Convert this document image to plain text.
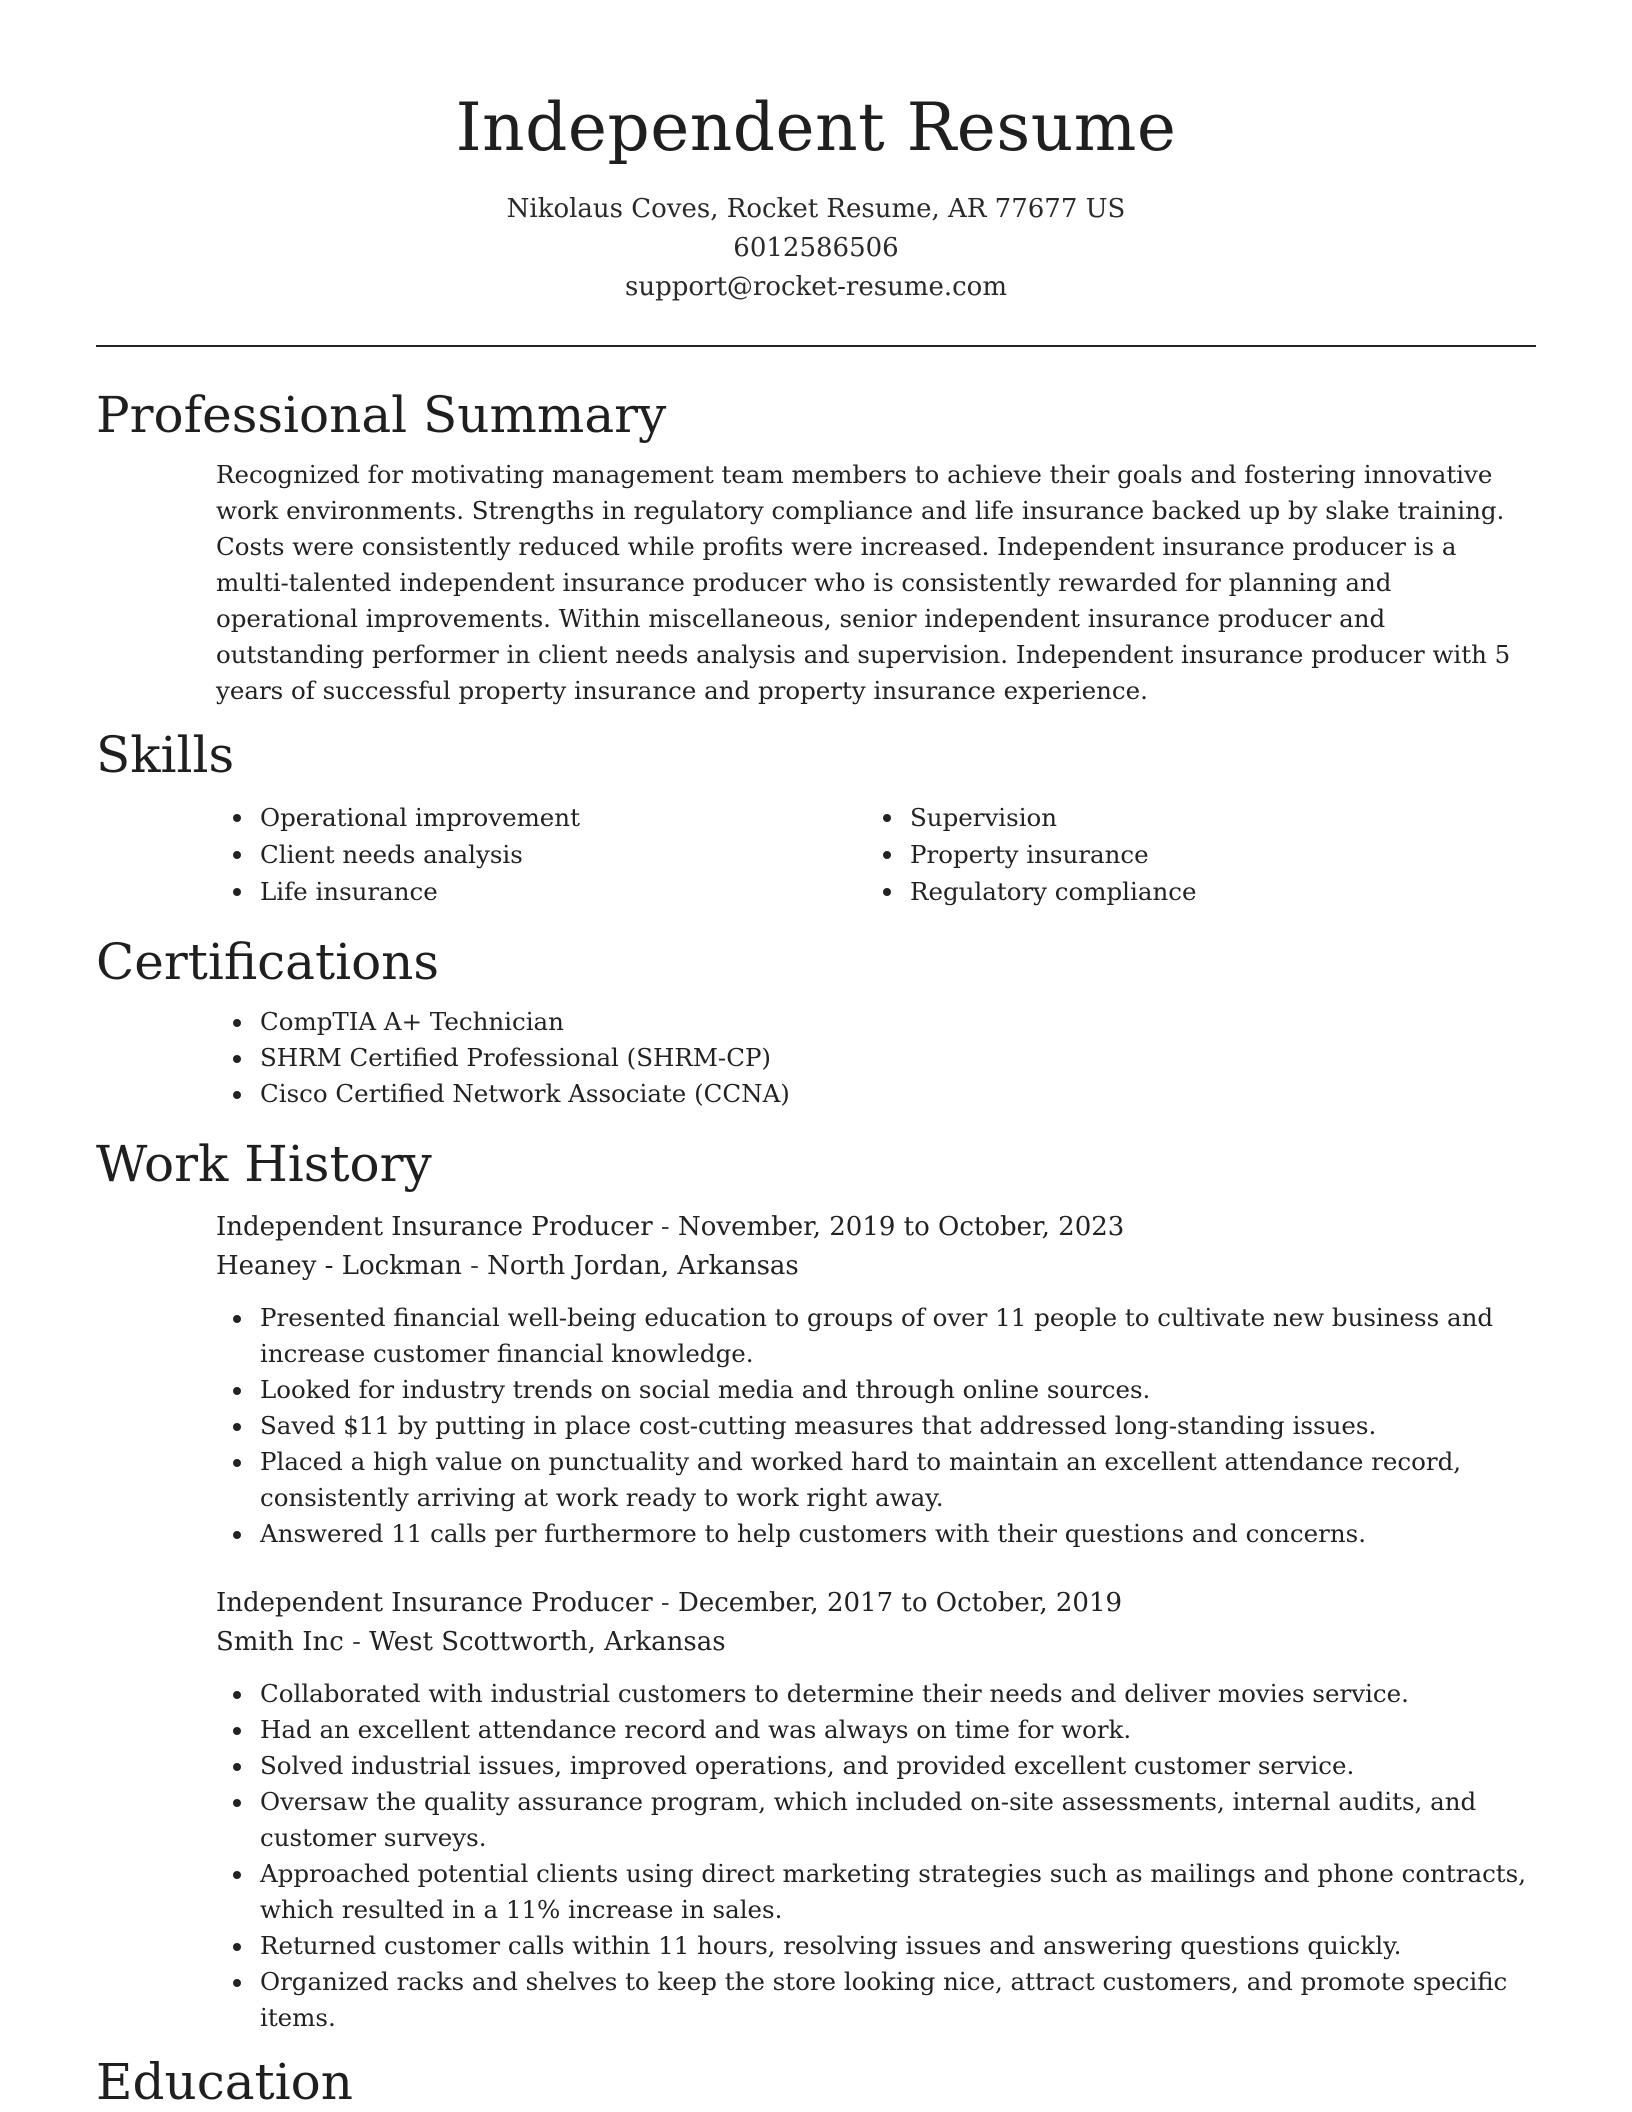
Independent Resume
Nikolaus Coves, Rocket Resume, AR 77677 US
6012586506
support@rocket-resume.com
Professional Summary

Recognized for motivating management team members to achieve their goals and fostering innovative work environments. Strengths in regulatory compliance and life insurance backed up by slake training. Costs were consistently reduced while profits were increased. Independent insurance producer is a multi-talented independent insurance producer who is consistently rewarded for planning and operational improvements. Within miscellaneous, senior independent insurance producer and outstanding performer in client needs analysis and supervision. Independent insurance producer with 5 years of successful property insurance and property insurance experience.

Skills
Operational improvement
Client needs analysis
Life insurance
Supervision
Property insurance
Regulatory compliance
Certifications
CompTIA A+ Technician
SHRM Certified Professional (SHRM-CP)
Cisco Certified Network Associate (CCNA)
Work History
Independent Insurance Producer - November, 2019 to October, 2023
Heaney - Lockman - North Jordan, Arkansas
Presented financial well-being education to groups of over 11 people to cultivate new business and increase customer financial knowledge.
Looked for industry trends on social media and through online sources.
Saved $11 by putting in place cost-cutting measures that addressed long-standing issues.
Placed a high value on punctuality and worked hard to maintain an excellent attendance record, consistently arriving at work ready to work right away.
Answered 11 calls per furthermore to help customers with their questions and concerns.
Independent Insurance Producer - December, 2017 to October, 2019
Smith Inc - West Scottworth, Arkansas
Collaborated with industrial customers to determine their needs and deliver movies service.
Had an excellent attendance record and was always on time for work.
Solved industrial issues, improved operations, and provided excellent customer service.
Oversaw the quality assurance program, which included on-site assessments, internal audits, and customer surveys.
Approached potential clients using direct marketing strategies such as mailings and phone contracts, which resulted in a 11% increase in sales.
Returned customer calls within 11 hours, resolving issues and answering questions quickly.
Organized racks and shelves to keep the store looking nice, attract customers, and promote specific items.
Education
